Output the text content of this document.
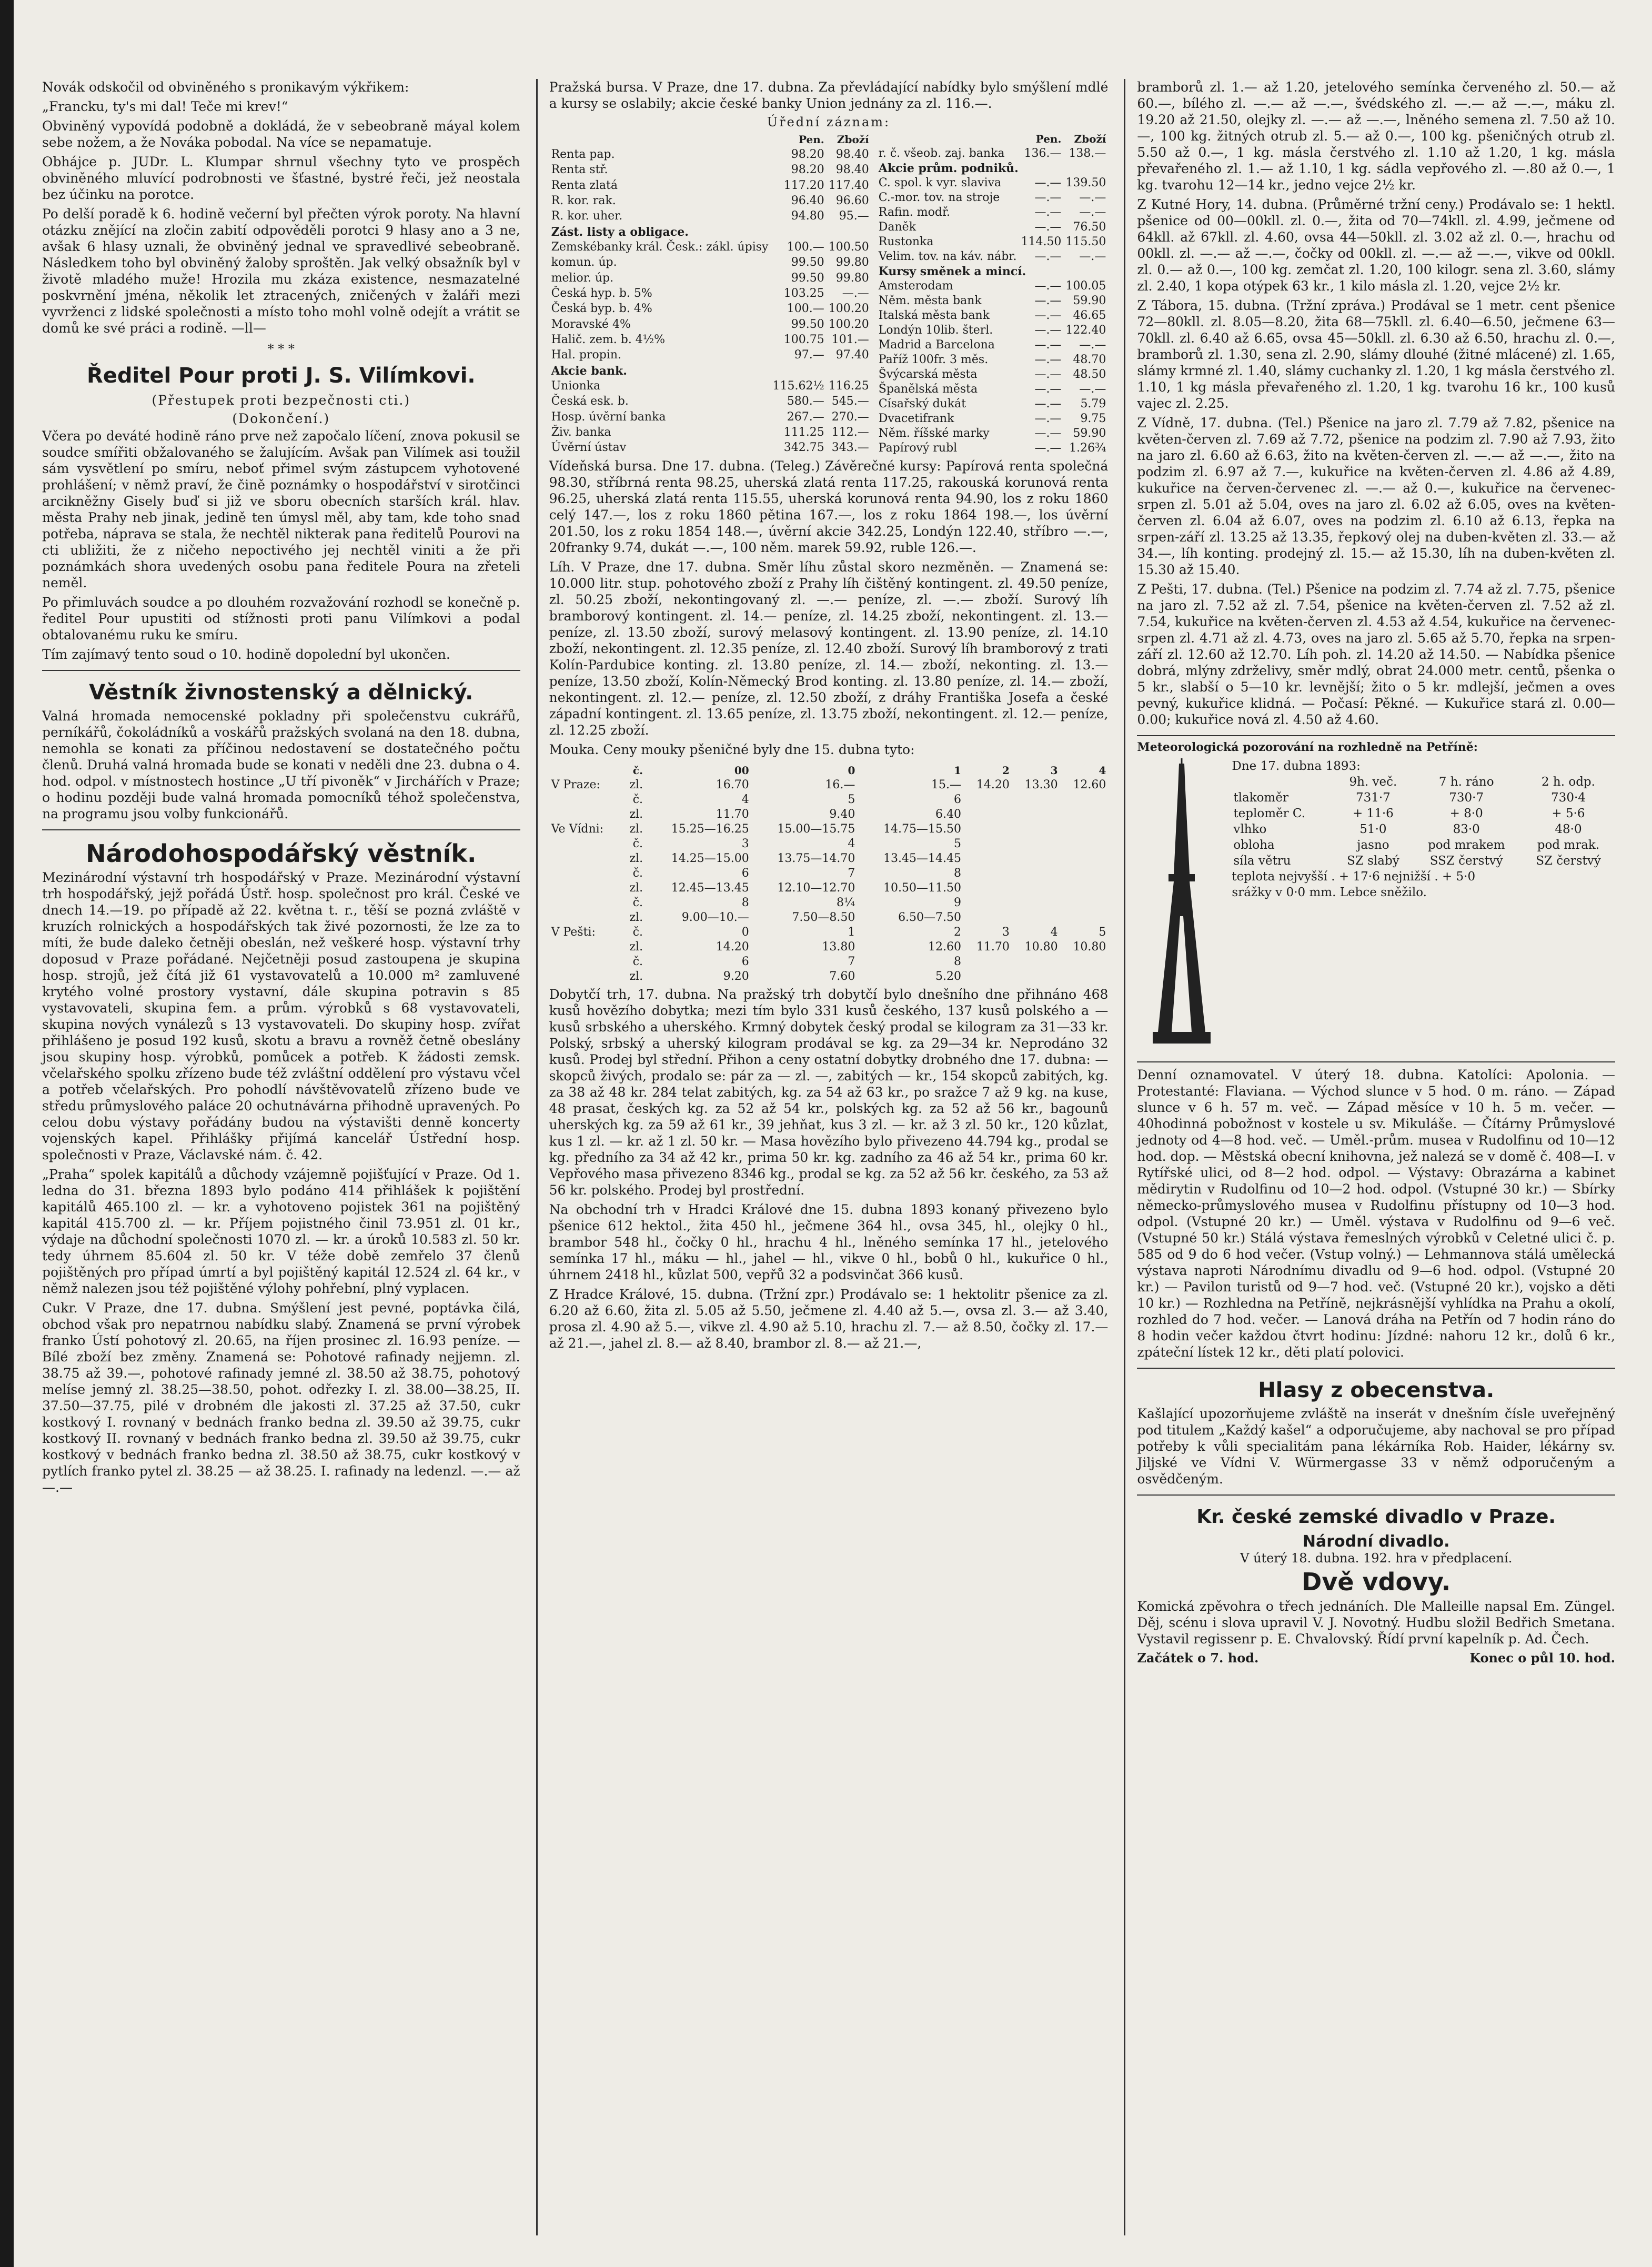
Novák odskočil od obviněného s pronikavým výkřikem:

„Francku, ty's mi dal! Teče mi krev!“

Obviněný vypovídá podobně a dokládá, že v sebeobraně máyal kolem sebe nožem, a že Nováka pobodal. Na více se nepamatuje.

Obhájce p. JUDr. L. Klumpar shrnul všechny tyto ve prospěch obviněného mluvící podrobnosti ve šťastné, bystré řeči, jež neostala bez účinku na porotce.

Po delší poradě k 6. hodině večerní byl přečten výrok poroty. Na hlavní otázku znějící na zločin zabití odpověděli porotci 9 hlasy ano a 3 ne, avšak 6 hlasy uznali, že obviněný jednal ve spravedlivé sebeobraně. Následkem toho byl obviněný žaloby sproštěn. Jak velký obsažník byl v životě mladého muže! Hrozila mu zkáza existence, nesmazatelné poskvrnění jména, několik let ztracených, zničených v žaláři mezi vyvrženci z lidské společnosti a místo toho mohl volně odejít a vrátit se domů ke své práci a rodině. —ll—

* * *
Ředitel Pour proti J. S. Vilímkovi.
(Přestupek proti bezpečnosti cti.)
(Dokončení.)

Včera po deváté hodině ráno prve než započalo líčení, znova pokusil se soudce smířiti obžalovaného se žalujícím. Avšak pan Vilímek asi toužil sám vysvětlení po smíru, neboť přimel svým zástupcem vyhotovené prohlášení; v němž praví, že čině poznámky o hospodářství v sirotčinci arcikněžny Gisely buď si již ve sboru obecních starších král. hlav. města Prahy neb jinak, jedině ten úmysl měl, aby tam, kde toho snad potřeba, náprava se stala, že nechtěl nikterak pana ředitelů Pourovi na cti ubližiti, že z ničeho nepoctivého jej nechtěl viniti a že při poznámkách shora uvedených osobu pana ředitele Poura na zřeteli neměl.

Po přimluvách soudce a po dlouhém rozvažování rozhodl se konečně p. ředitel Pour upustiti od stížnosti proti panu Vilímkovi a podal obtalovanému ruku ke smíru.

Tím zajímavý tento soud o 10. hodině dopolední byl ukončen.

Věstník živnostenský a dělnický.

Valná hromada nemocenské pokladny při společenstvu cukrářů, perníkářů, čokoládníků a voskářů pražských svolaná na den 18. dubna, nemohla se konati za příčinou nedostavení se dostatečného počtu členů. Druhá valná hromada bude se konati v neděli dne 23. dubna o 4. hod. odpol. v místnostech hostince „U tří pivoněk“ v Jirchářích v Praze; o hodinu později bude valná hromada pomocníků téhož společenstva, na programu jsou volby funkcionářů.

Národohospodářský věstník.

Mezinárodní výstavní trh hospodářský v Praze. Mezinárodní výstavní trh hospodářský, jejž pořádá Ústř. hosp. společnost pro král. České ve dnech 14.—19. po případě až 22. května t. r., těší se pozná zvláště v kruzích rolnických a hospodářských tak živé pozornosti, že lze za to míti, že bude daleko četněji obeslán, než veškeré hosp. výstavní trhy doposud v Praze pořádané. Nejčetněji posud zastoupena je skupina hosp. strojů, jež čítá již 61 vystavovatelů a 10.000 m² zamluvené krytého volné prostory vystavní, dále skupina potravin s 85 vystavovateli, skupina fem. a prům. výrobků s 68 vystavovateli, skupina nových vynálezů s 13 vystavovateli. Do skupiny hosp. zvířat přihlášeno je posud 192 kusů, skotu a bravu a rovněž četně obeslány jsou skupiny hosp. výrobků, pomůcek a potřeb. K žádosti zemsk. včelařského spolku zřízeno bude též zvláštní oddělení pro výstavu včel a potřeb včelařských. Pro pohodlí návštěvovatelů zřízeno bude ve středu průmyslového paláce 20 ochutnávárna přihodně upravených. Po celou dobu výstavy pořádány budou na výstavišti denně koncerty vojenských kapel. Přihlášky přijímá kancelář Ústřední hosp. společnosti v Praze, Václavské nám. č. 42.

„Praha“ spolek kapitálů a důchody vzájemně pojišťující v Praze. Od 1. ledna do 31. března 1893 bylo podáno 414 přihlášek k pojištění kapitálů 465.100 zl. — kr. a vyhotoveno pojistek 361 na pojištěný kapitál 415.700 zl. — kr. Příjem pojistného činil 73.951 zl. 01 kr., výdaje na důchodní společnosti 1070 zl. — kr. a úroků 10.583 zl. 50 kr. tedy úhrnem 85.604 zl. 50 kr. V téže době zemřelo 37 členů pojištěných pro případ úmrtí a byl pojištěný kapitál 12.524 zl. 64 kr., v němž nalezen jsou též pojištěné výlohy pohřební, plný vyplacen.

Cukr. V Praze, dne 17. dubna. Smýšlení jest pevné, poptávka čilá, obchod však pro nepatrnou nabídku slabý. Znamená se první výrobek franko Ústí pohotový zl. 20.65, na říjen prosinec zl. 16.93 peníze. — Bílé zboží bez změny. Znamená se: Pohotové rafinady nejjemn. zl. 38.75 až 39.—, pohotové rafinady jemné zl. 38.50 až 38.75, pohotový melíse jemný zl. 38.25—38.50, pohot. odřezky I. zl. 38.00—38.25, II. 37.50—37.75, pilé v drobném dle jakosti zl. 37.25 až 37.50, cukr kostkový I. rovnaný v bednách franko bedna zl. 39.50 až 39.75, cukr kostkový II. rovnaný v bednách franko bedna zl. 39.50 až 39.75, cukr kostkový v bednách franko bedna zl. 38.50 až 38.75, cukr kostkový v pytlích franko pytel zl. 38.25 — až 38.25. I. rafinady na ledenzl. —.— až —.—

Pražská bursa. V Praze, dne 17. dubna. Za převládající nabídky bylo smýšlení mdlé a kursy se oslabily; akcie české banky Union jednány za zl. 116.—.

Úřední záznam:
	Pen.	Zboží
Renta pap.	98.20	98.40
Renta stř.	98.20	98.40
Renta zlatá	117.20	117.40
R. kor. rak.	96.40	96.60
R. kor. uher.	94.80	95.—
Zást. listy a obligace.		
Zemskébanky král. Česk.: zákl. úpisy	100.—	100.50
komun. úp.	99.50	99.80
melior. úp.	99.50	99.80
Česká hyp. b. 5%	103.25	—.—
Česká byp. b. 4%	100.—	100.20
Moravské 4%	99.50	100.20
Halič. zem. b. 4½%	100.75	101.—
Hal. propin.	97.—	97.40
Akcie bank.		
Unionka	115.62½	116.25
Česká esk. b.	580.—	545.—
Hosp. úvěrní banka	267.—	270.—
Živ. banka	111.25	112.—
Úvěrní ústav	342.75	343.—
	Pen.	Zboží
r. č. všeob. zaj. banka	136.—	138.—
Akcie prům. podniků.		
C. spol. k vyr. slaviva	—.—	139.50
C.-mor. tov. na stroje	—.—	—.—
Rafin. modř.	—.—	—.—
Daněk	—.—	76.50
Rustonka	114.50	115.50
Velim. tov. na káv. nábr.	—.—	—.—
Kursy směnek a mincí.		
Amsterodam	—.—	100.05
Něm. města bank	—.—	59.90
Italská města bank	—.—	46.65
Londýn 10lib. šterl.	—.—	122.40
Madrid a Barcelona	—.—	—.—
Paříž 100fr. 3 měs.	—.—	48.70
Švýcarská města	—.—	48.50
Španělská města	—.—	—.—
Císařský dukát	—.—	5.79
Dvacetifrank	—.—	9.75
Něm. říšské marky	—.—	59.90
Papírový rubl	—.—	1.26¾

Vídeňská bursa. Dne 17. dubna. (Teleg.) Závěrečné kursy: Papírová renta společná 98.30, stříbrná renta 98.25, uherská zlatá renta 117.25, rakouská korunová renta 96.25, uherská zlatá renta 115.55, uherská korunová renta 94.90, los z roku 1860 celý 147.—, los z roku 1860 pětina 167.—, los z roku 1864 198.—, los úvěrní 201.50, los z roku 1854 148.—, úvěrní akcie 342.25, Londýn 122.40, stříbro —.—, 20franky 9.74, dukát —.—, 100 něm. marek 59.92, ruble 126.—.

Líh. V Praze, dne 17. dubna. Směr líhu zůstal skoro nezměněn. — Znamená se: 10.000 litr. stup. pohotového zboží z Prahy líh čištěný kontingent. zl. 49.50 peníze, zl. 50.25 zboží, nekontingovaný zl. —.— peníze, zl. —.— zboží. Surový líh bramborový kontingent. zl. 14.— peníze, zl. 14.25 zboží, nekontingent. zl. 13.— peníze, zl. 13.50 zboží, surový melasový kontingent. zl. 13.90 peníze, zl. 14.10 zboží, nekontingent. zl. 12.35 peníze, zl. 12.40 zboží. Surový líh bramborový z trati Kolín-Pardubice konting. zl. 13.80 peníze, zl. 14.— zboží, nekonting. zl. 13.— peníze, 13.50 zboží, Kolín-Německý Brod konting. zl. 13.80 peníze, zl. 14.— zboží, nekontingent. zl. 12.— peníze, zl. 12.50 zboží, z dráhy Františka Josefa a české západní kontingent. zl. 13.65 peníze, zl. 13.75 zboží, nekontingent. zl. 12.— peníze, zl. 12.25 zboží.

Mouka. Ceny mouky pšeničné byly dne 15. dubna tyto:

	č.	00	0	1	2	3	4
V Praze:	zl.	16.70	16.—	15.—	14.20	13.30	12.60
	č.	4	5	6			
	zl.	11.70	9.40	6.40			
Ve Vídni:	zl.	15.25—16.25	15.00—15.75	14.75—15.50			
	č.	3	4	5			
	zl.	14.25—15.00	13.75—14.70	13.45—14.45			
	č.	6	7	8			
	zl.	12.45—13.45	12.10—12.70	10.50—11.50			
	č.	8	8¼	9			
	zl.	9.00—10.—	7.50—8.50	6.50—7.50			
V Pešti:	č.	0	1	2	3	4	5
	zl.	14.20	13.80	12.60	11.70	10.80	10.80
	č.	6	7	8			
	zl.	9.20	7.60	5.20			

Dobytčí trh, 17. dubna. Na pražský trh dobytčí bylo dnešního dne přihnáno 468 kusů hovězího dobytka; mezi tím bylo 331 kusů českého, 137 kusů polského a — kusů srbského a uherského. Krmný dobytek český prodal se kilogram za 31—33 kr. Polský, srbský a uherský kilogram prodával se kg. za 29—34 kr. Neprodáno 32 kusů. Prodej byl střední. Přihon a ceny ostatní dobytky drobného dne 17. dubna: — skopců živých, prodalo se: pár za — zl. —, zabitých — kr., 154 skopců zabitých, kg. za 38 až 48 kr. 284 telat zabitých, kg. za 54 až 63 kr., po sražce 7 až 9 kg. na kuse, 48 prasat, českých kg. za 52 až 54 kr., polských kg. za 52 až 56 kr., bagounů uherských kg. za 59 až 61 kr., 39 jehňat, kus 3 zl. — kr. až 3 zl. 50 kr., 120 kůzlat, kus 1 zl. — kr. až 1 zl. 50 kr. — Masa hovězího bylo přivezeno 44.794 kg., prodal se kg. předního za 34 až 42 kr., prima 50 kr. kg. zadního za 46 až 54 kr., prima 60 kr. Vepřového masa přivezeno 8346 kg., prodal se kg. za 52 až 56 kr. českého, za 53 až 56 kr. polského. Prodej byl prostřední.

Na obchodní trh v Hradci Králové dne 15. dubna 1893 konaný přivezeno bylo pšenice 612 hektol., žita 450 hl., ječmene 364 hl., ovsa 345, hl., olejky 0 hl., brambor 548 hl., čočky 0 hl., hrachu 4 hl., lněného semínka 17 hl., jetelového semínka 17 hl., máku — hl., jahel — hl., vikve 0 hl., bobů 0 hl., kukuřice 0 hl., úhrnem 2418 hl., kůzlat 500, vepřů 32 a podsvinčat 366 kusů.

Z Hradce Králové, 15. dubna. (Tržní zpr.) Prodávalo se: 1 hektolitr pšenice za zl. 6.20 až 6.60, žita zl. 5.05 až 5.50, ječmene zl. 4.40 až 5.—, ovsa zl. 3.— až 3.40, prosa zl. 4.90 až 5.—, vikve zl. 4.90 až 5.10, hrachu zl. 7.— až 8.50, čočky zl. 17.— až 21.—, jahel zl. 8.— až 8.40, brambor zl. 8.— až 21.—,

bramborů zl. 1.— až 1.20, jetelového semínka červeného zl. 50.— až 60.—, bílého zl. —.— až —.—, švédského zl. —.— až —.—, máku zl. 19.20 až 21.50, olejky zl. —.— až —.—, lněného semena zl. 7.50 až 10.—, 100 kg. žitných otrub zl. 5.— až 0.—, 100 kg. pšeničných otrub zl. 5.50 až 0.—, 1 kg. másla čerstvého zl. 1.10 až 1.20, 1 kg. másla převařeného zl. 1.— až 1.10, 1 kg. sádla vepřového zl. —.80 až 0.—, 1 kg. tvarohu 12—14 kr., jedno vejce 2½ kr.

Z Kutné Hory, 14. dubna. (Průměrné tržní ceny.) Prodávalo se: 1 hektl. pšenice od 00—00kll. zl. 0.—, žita od 70—74kll. zl. 4.99, ječmene od 64kll. až 67kll. zl. 4.60, ovsa 44—50kll. zl. 3.02 až zl. 0.—, hrachu od 00kll. zl. —.— až —.—, čočky od 00kll. zl. —.— až —.—, vikve od 00kll. zl. 0.— až 0.—, 100 kg. zemčat zl. 1.20, 100 kilogr. sena zl. 3.60, slámy zl. 2.40, 1 kopa otýpek 63 kr., 1 kilo másla zl. 1.20, vejce 2½ kr.

Z Tábora, 15. dubna. (Tržní zpráva.) Prodával se 1 metr. cent pšenice 72—80kll. zl. 8.05—8.20, žita 68—75kll. zl. 6.40—6.50, ječmene 63—70kll. zl. 6.40 až 6.65, ovsa 45—50kll. zl. 6.30 až 6.50, hrachu zl. 0.—, bramborů zl. 1.30, sena zl. 2.90, slámy dlouhé (žitné mlácené) zl. 1.65, slámy krmné zl. 1.40, slámy cuchanky zl. 1.20, 1 kg másla čerstvého zl. 1.10, 1 kg másla převařeného zl. 1.20, 1 kg. tvarohu 16 kr., 100 kusů vajec zl. 2.25.

Z Vídně, 17. dubna. (Tel.) Pšenice na jaro zl. 7.79 až 7.82, pšenice na květen-červen zl. 7.69 až 7.72, pšenice na podzim zl. 7.90 až 7.93, žito na jaro zl. 6.60 až 6.63, žito na květen-červen zl. —.— až —.—, žito na podzim zl. 6.97 až 7.—, kukuřice na květen-červen zl. 4.86 až 4.89, kukuřice na červen-červenec zl. —.— až 0.—, kukuřice na červenec-srpen zl. 5.01 až 5.04, oves na jaro zl. 6.02 až 6.05, oves na květen-červen zl. 6.04 až 6.07, oves na podzim zl. 6.10 až 6.13, řepka na srpen-září zl. 13.25 až 13.35, řepkový olej na duben-květen zl. 33.— až 34.—, líh konting. prodejný zl. 15.— až 15.30, líh na duben-květen zl. 15.30 až 15.40.

Z Pešti, 17. dubna. (Tel.) Pšenice na podzim zl. 7.74 až zl. 7.75, pšenice na jaro zl. 7.52 až zl. 7.54, pšenice na květen-červen zl. 7.52 až zl. 7.54, kukuřice na květen-červen zl. 4.53 až 4.54, kukuřice na červenec-srpen zl. 4.71 až zl. 4.73, oves na jaro zl. 5.65 až 5.70, řepka na srpen-září zl. 12.60 až 12.70. Líh poh. zl. 14.20 až 14.50. — Nabídka pšenice dobrá, mlýny zdrželivy, směr mdlý, obrat 24.000 metr. centů, pšenka o 5 kr., slabší o 5—10 kr. levnější; žito o 5 kr. mdlejší, ječmen a oves pevný, kukuřice klidná. — Počasí: Pěkné. — Kukuřice stará zl. 0.00—0.00; kukuřice nová zl. 4.50 až 4.60.

Meteorologická pozorování na rozhledně na Petříně:
Dne 17. dubna 1893:
	9h. več.	7 h. ráno	2 h. odp.
tlakoměr	731·7	730·7	730·4
teploměr C.	+ 11·6	+ 8·0	+ 5·6
vlhko	51·0	83·0	48·0
obloha	jasno	pod mrakem	pod mrak.
síla větru	SZ slabý	SSZ čerstvý	SZ čerstvý
teplota nejvyšší . + 17·6 nejnižší . + 5·0
srážky v 0·0 mm. Lebce sněžilo.

Denní oznamovatel. V úterý 18. dubna. Katolíci: Apolonia. — Protestanté: Flaviana. — Východ slunce v 5 hod. 0 m. ráno. — Západ slunce v 6 h. 57 m. več. — Západ měsíce v 10 h. 5 m. večer. — 40hodinná pobožnost v kostele u sv. Mikuláše. — Čítárny Průmyslové jednoty od 4—8 hod. več. — Uměl.-prům. musea v Rudolfinu od 10—12 hod. dop. — Městská obecní knihovna, jež nalezá se v domě č. 408—I. v Rytířské ulici, od 8—2 hod. odpol. — Výstavy: Obrazárna a kabinet mědirytin v Rudolfinu od 10—2 hod. odpol. (Vstupné 30 kr.) — Sbírky německo-průmyslového musea v Rudolfinu přístupny od 10—3 hod. odpol. (Vstupné 20 kr.) — Uměl. výstava v Rudolfinu od 9—6 več. (Vstupné 50 kr.) Stálá výstava řemeslných výrobků v Celetné ulici č. p. 585 od 9 do 6 hod večer. (Vstup volný.) — Lehmannova stálá umělecká výstava naproti Národnímu divadlu od 9—6 hod. odpol. (Vstupné 20 kr.) — Pavilon turistů od 9—7 hod. več. (Vstupné 20 kr.), vojsko a děti 10 kr.) — Rozhledna na Petříně, nejkrásnější vyhlídka na Prahu a okolí, rozhled do 7 hod. večer. — Lanová dráha na Petřín od 7 hodin ráno do 8 hodin večer každou čtvrt hodinu: Jízdné: nahoru 12 kr., dolů 6 kr., zpáteční lístek 12 kr., děti platí polovici.

Hlasy z obecenstva.

Kašlající upozorňujeme zvláště na inserát v dnešním čísle uveřejněný pod titulem „Každý kašel“ a odporučujeme, aby nachoval se pro případ potřeby k vůli specialitám pana lékárníka Rob. Haider, lékárny sv. Jiljské ve Vídni V. Würmergasse 33 v němž odporučeným a osvědčeným.

Kr. české zemské divadlo v Praze.
Národní divadlo.
V úterý 18. dubna. 192. hra v předplacení.
Dvě vdovy.

Komická zpěvohra o třech jednáních. Dle Malleille napsal Em. Züngel. Děj, scénu i slova upravil V. J. Novotný. Hudbu složil Bedřich Smetana. Vystavil regissenr p. E. Chvalovský. Řídí první kapelník p. Ad. Čech.

Začátek o 7. hod.	Konec o půl 10. hod.
